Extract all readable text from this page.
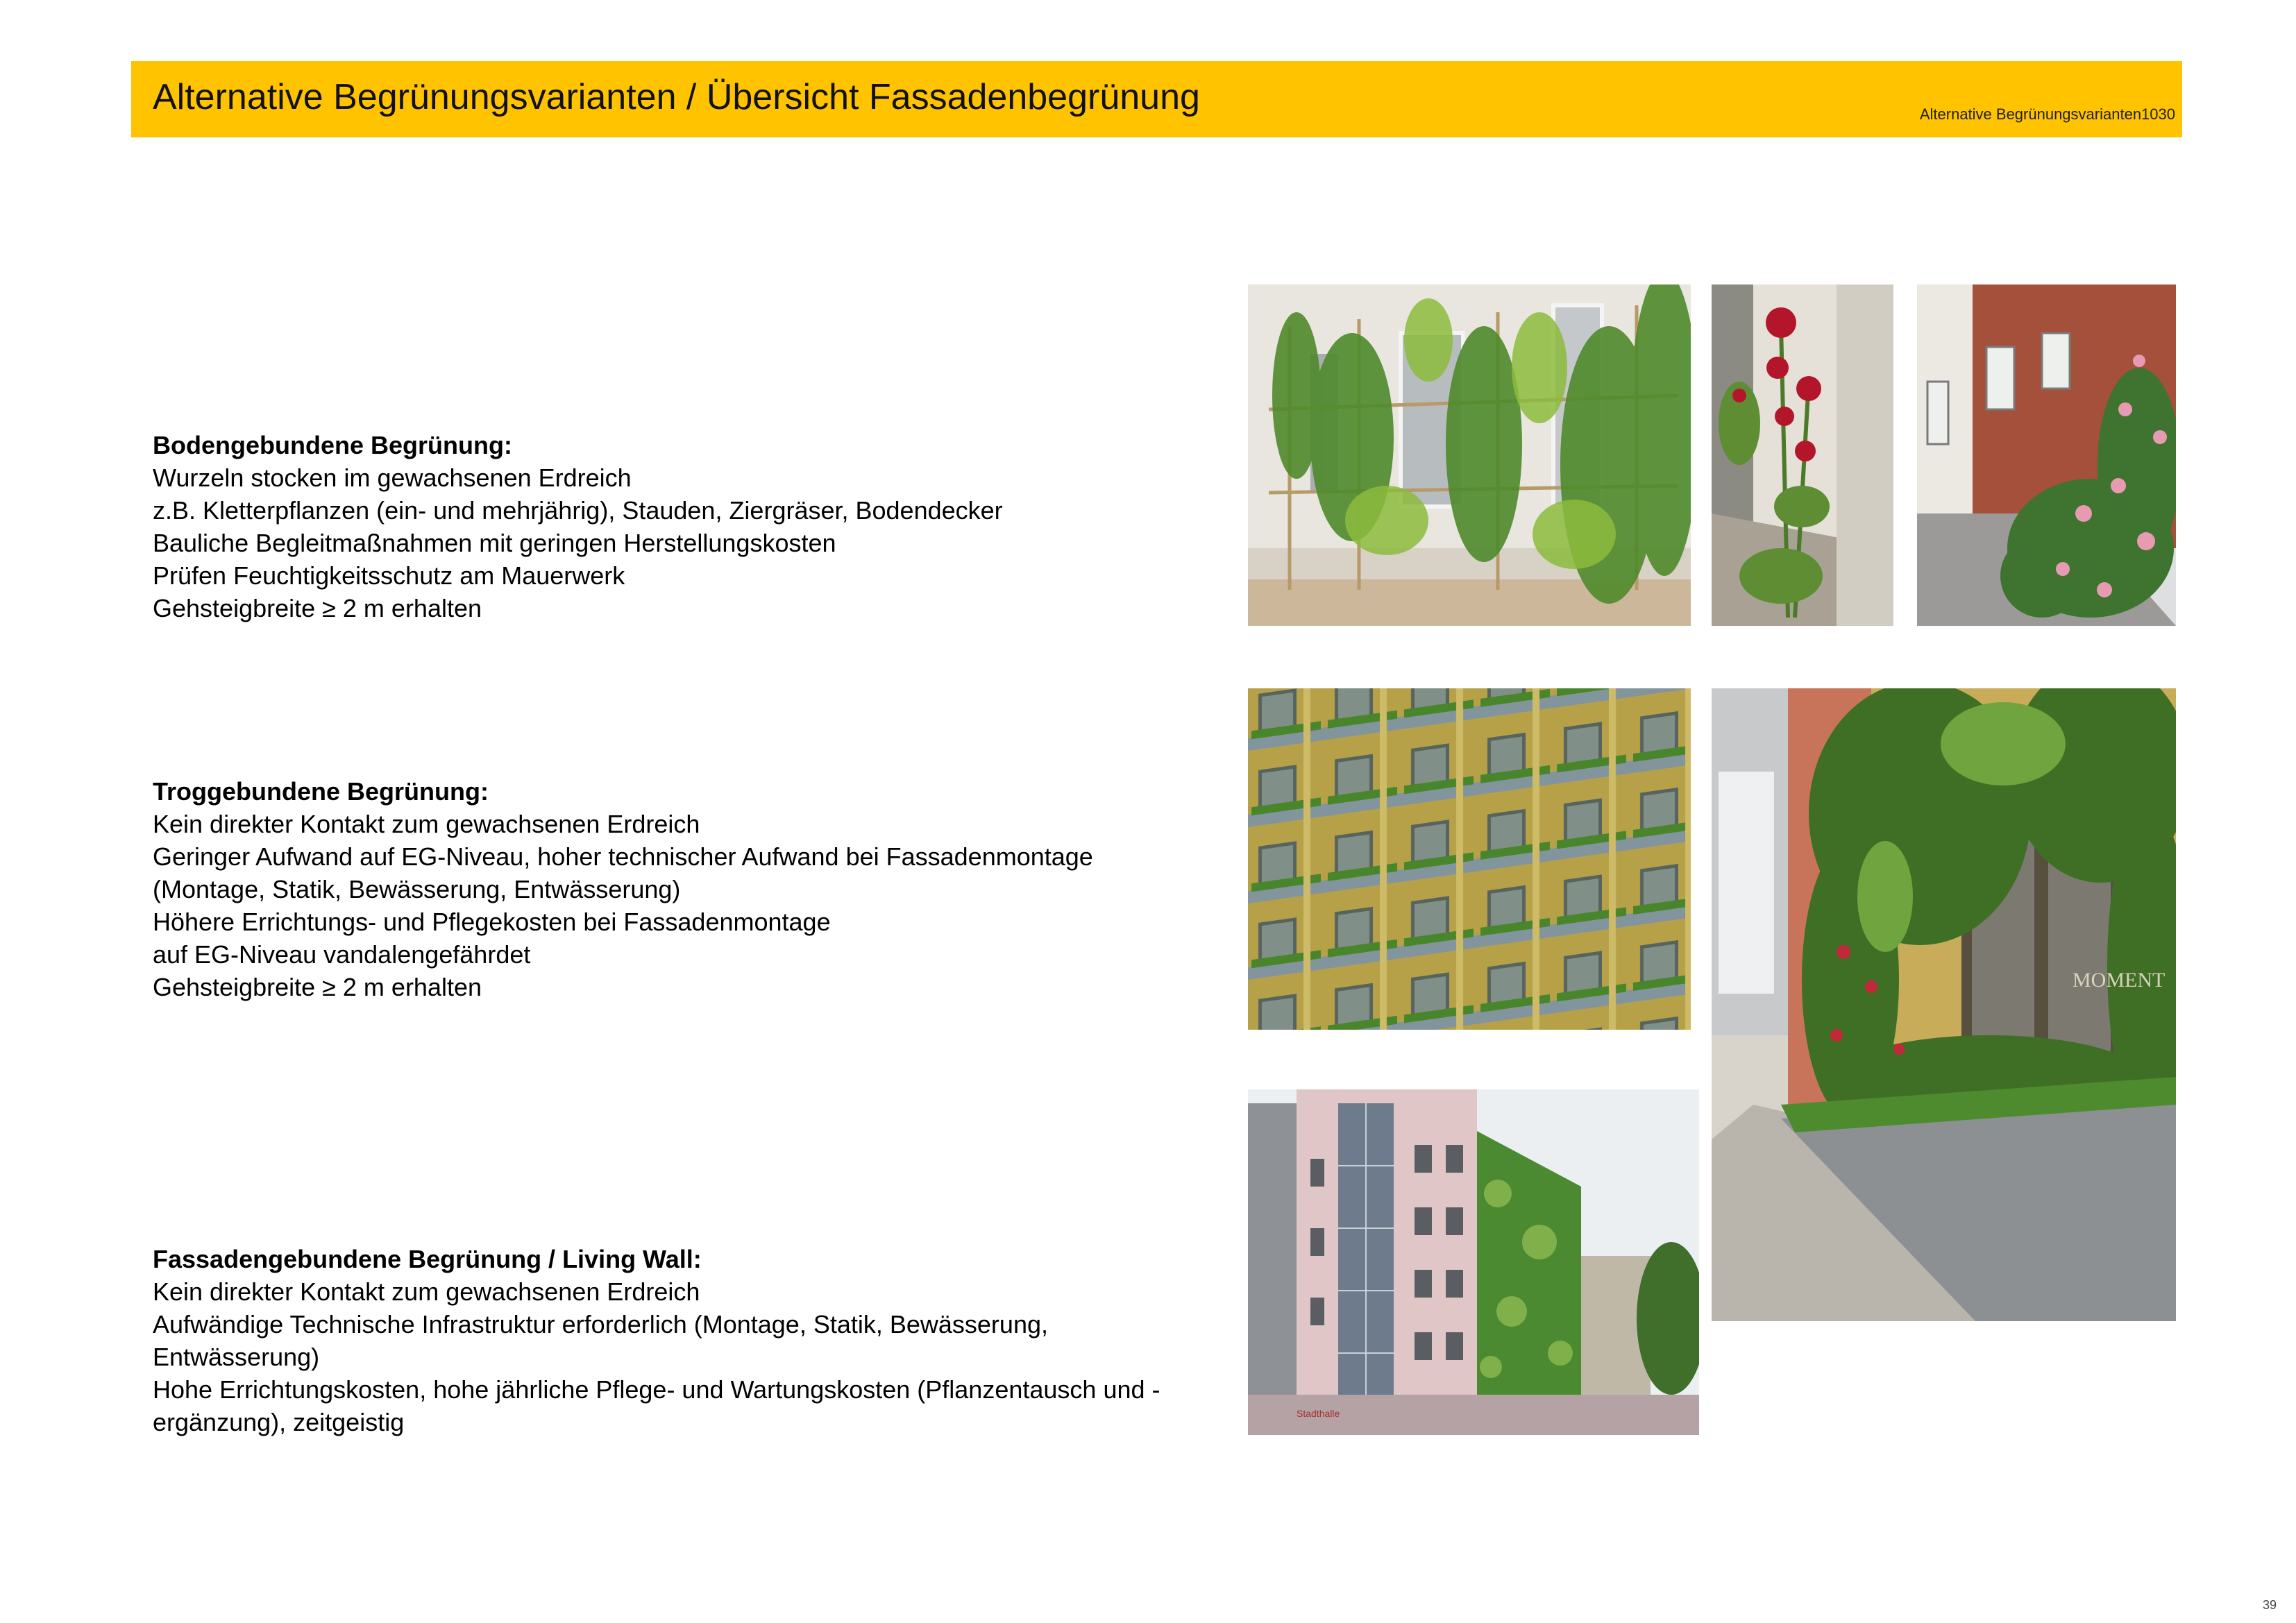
Alternative Begrünungsvarianten / Übersicht Fassadenbegrünung	Alternative Begrünungsvarianten1030
Bodengebundene Begrünung:

Wurzeln stocken im gewachsenen Erdreich

z.B. Kletterpflanzen (ein- und mehrjährig), Stauden, Ziergräser, Bodendecker

Bauliche Begleitmaßnahmen mit geringen Herstellungskosten

Prüfen Feuchtigkeitsschutz am Mauerwerk

Gehsteigbreite ≥ 2 m erhalten

Troggebundene Begrünung:

Kein direkter Kontakt zum gewachsenen Erdreich

Geringer Aufwand auf EG-Niveau, hoher technischer Aufwand bei Fassadenmontage

(Montage, Statik, Bewässerung, Entwässerung)

Höhere Errichtungs- und Pflegekosten bei Fassadenmontage

auf EG-Niveau vandalengefährdet

Gehsteigbreite ≥ 2 m erhalten

Fassadengebundene Begrünung / Living Wall:

Kein direkter Kontakt zum gewachsenen Erdreich

Aufwändige Technische Infrastruktur erforderlich (Montage, Statik, Bewässerung,

Entwässerung)

Hohe Errichtungskosten, hohe jährliche Pflege- und Wartungskosten (Pflanzentausch und -

ergänzung), zeitgeistig

MOMENT
Stadthalle
39
